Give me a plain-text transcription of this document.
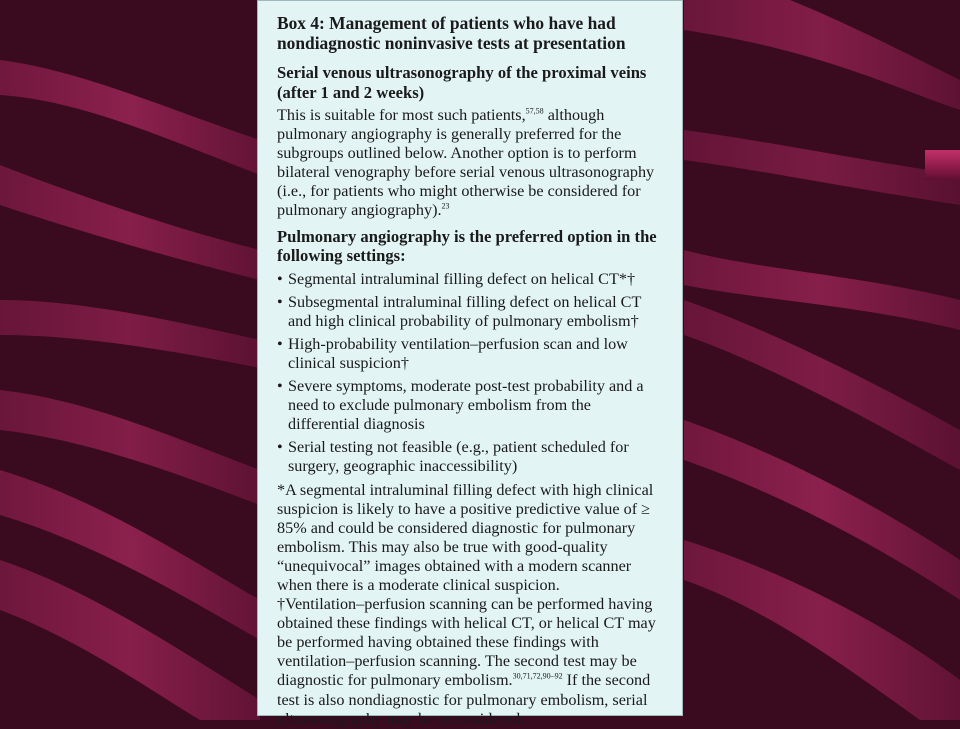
Box 4: Management of patients who have had nondiagnostic noninvasive tests at presentation
Serial venous ultrasonography of the proximal veins (after 1 and 2 weeks)
This is suitable for most such patients,$^{57,58}$ although pulmonary angiography is generally preferred for the subgroups outlined below. Another option is to perform bilateral venography before serial venous ultrasonography (i.e., for patients who might otherwise be considered for pulmonary angiography).$^{23}$
Pulmonary angiography is the preferred option in the following settings:
• Segmental intraluminal filling defect on helical CT*†
• Subsegmental intraluminal filling defect on helical CT and high clinical probability of pulmonary embolism†
• High-probability ventilation–perfusion scan and low clinical suspicion†
• Severe symptoms, moderate post-test probability and a need to exclude pulmonary embolism from the differential diagnosis
• Serial testing not feasible (e.g., patient scheduled for surgery, geographic inaccessibility)

*A segmental intraluminal filling defect with high clinical suspicion is likely to have a positive predictive value of ≥ 85% and could be considered diagnostic for pulmonary embolism. This may also be true with good-quality “unequivocal” images obtained with a modern scanner when there is a moderate clinical suspicion.

†Ventilation–perfusion scanning can be performed having obtained these findings with helical CT, or helical CT may be performed having obtained these findings with ventilation–perfusion scanning. The second test may be diagnostic for pulmonary embolism.$^{30,71,72,90-92}$ If the second test is also nondiagnostic for pulmonary embolism, serial ultrasonography may be reconsidered.
